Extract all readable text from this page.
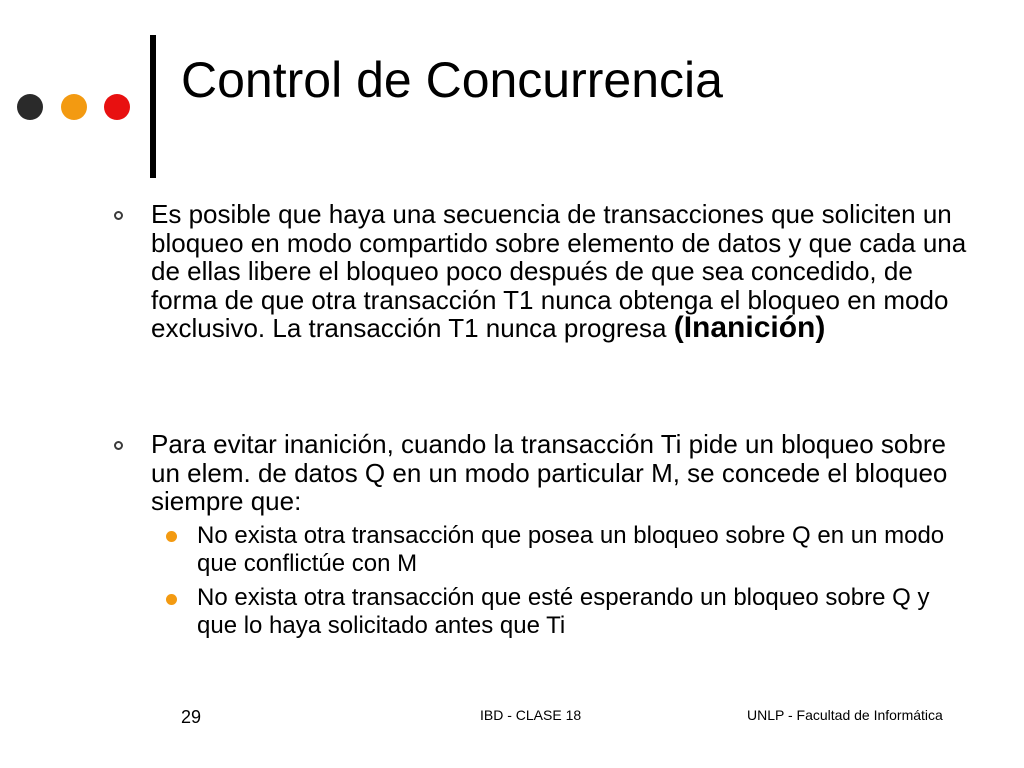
Control de Concurrencia
Es posible que haya una secuencia de transacciones que soliciten un bloqueo en modo compartido sobre elemento de datos y que cada una de ellas libere el bloqueo poco después de que sea concedido, de forma de que otra transacción T1 nunca obtenga el bloqueo en modo exclusivo. La transacción T1 nunca progresa (Inanición)
Para evitar inanición, cuando la transacción Ti pide un bloqueo sobre un elem. de datos Q en un modo particular M, se concede el bloqueo siempre que:
No exista otra transacción que posea un bloqueo sobre Q en un modo que conflictúe con M
No exista otra transacción que esté esperando un bloqueo sobre Q y que lo haya solicitado antes que Ti
29	IBD - CLASE 18	UNLP - Facultad de Informática
